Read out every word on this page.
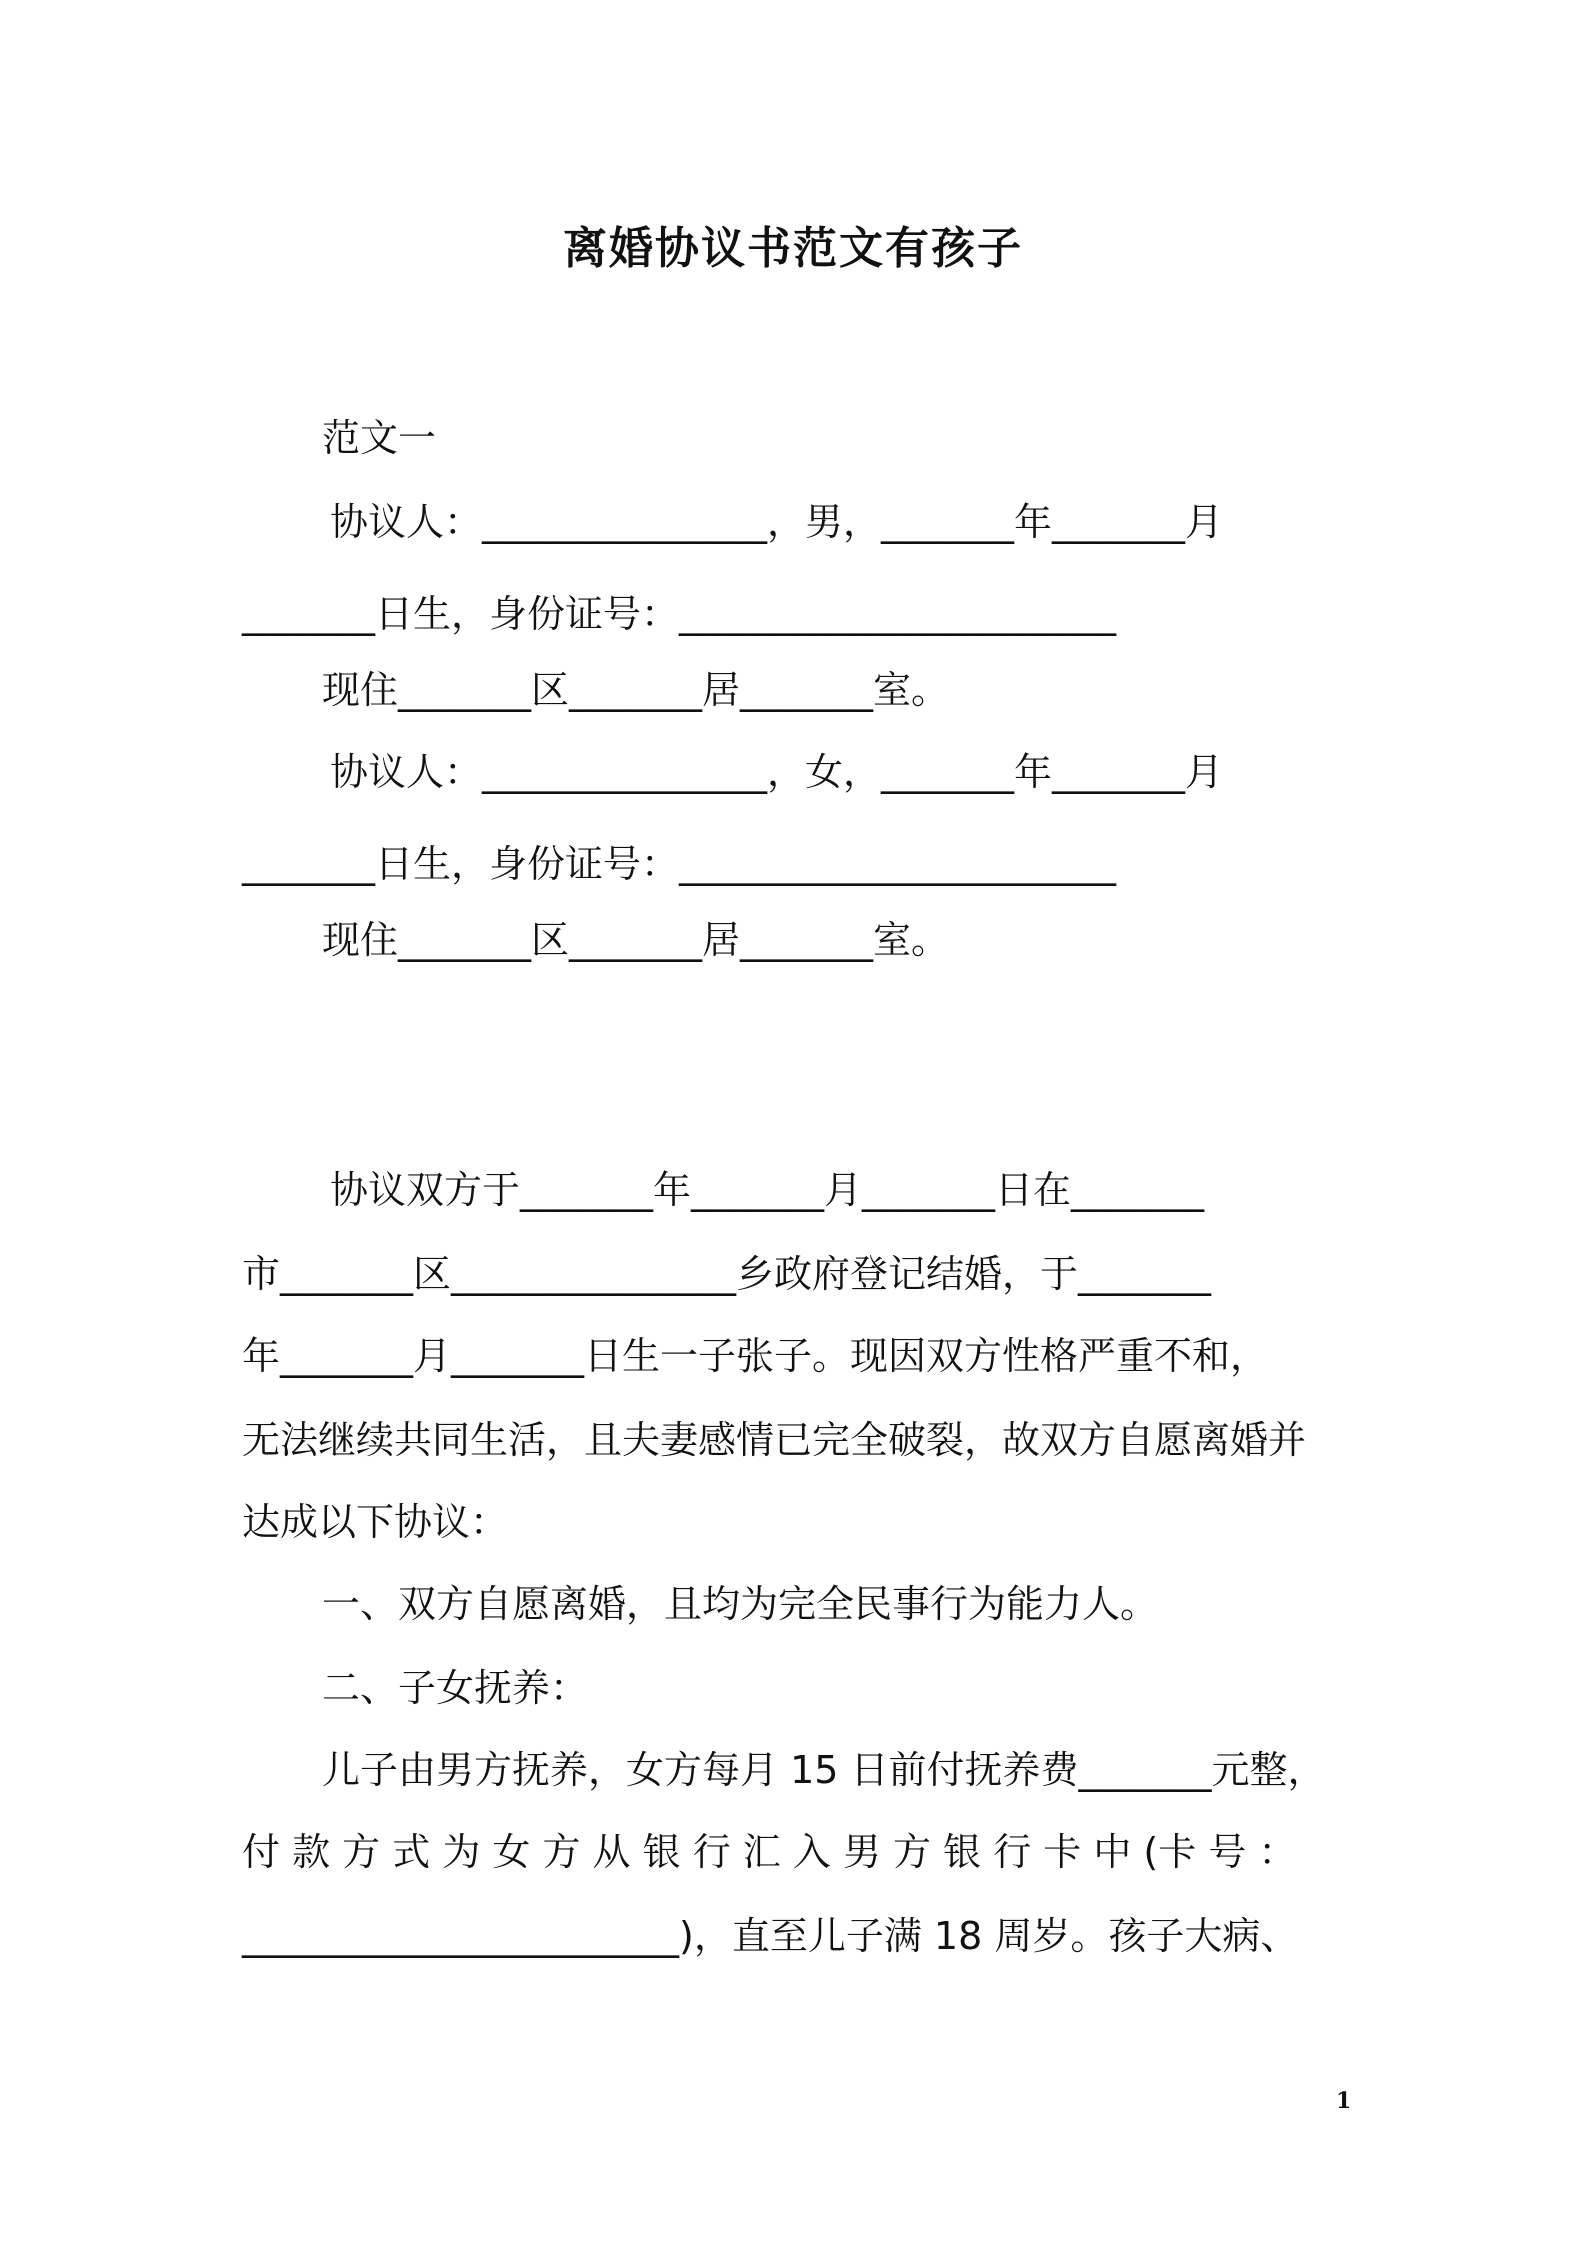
离婚协议书范文有孩子
范文一
协议人：_______________，男，_______年_______月
_______日生，身份证号：_______________________
现住_______区_______居_______室。
协议人：_______________，女，_______年_______月
_______日生，身份证号：_______________________
现住_______区_______居_______室。
协议双方于_______年_______月_______日在_______
市_______区_______________乡政府登记结婚，于_______
年_______月_______日生一子张子。现因双方性格严重不和，
无法继续共同生活，且夫妻感情已完全破裂，故双方自愿离婚并
达成以下协议：
一、双方自愿离婚，且均为完全民事行为能力人。
二、子女抚养：
儿子由男方抚养，女方每月 15 日前付抚养费_______元整，
付 款 方 式 为 女 方 从 银 行 汇 入 男 方 银 行 卡 中 (卡 号 ：
_______________________)，直至儿子满 18 周岁。孩子大病、
1
